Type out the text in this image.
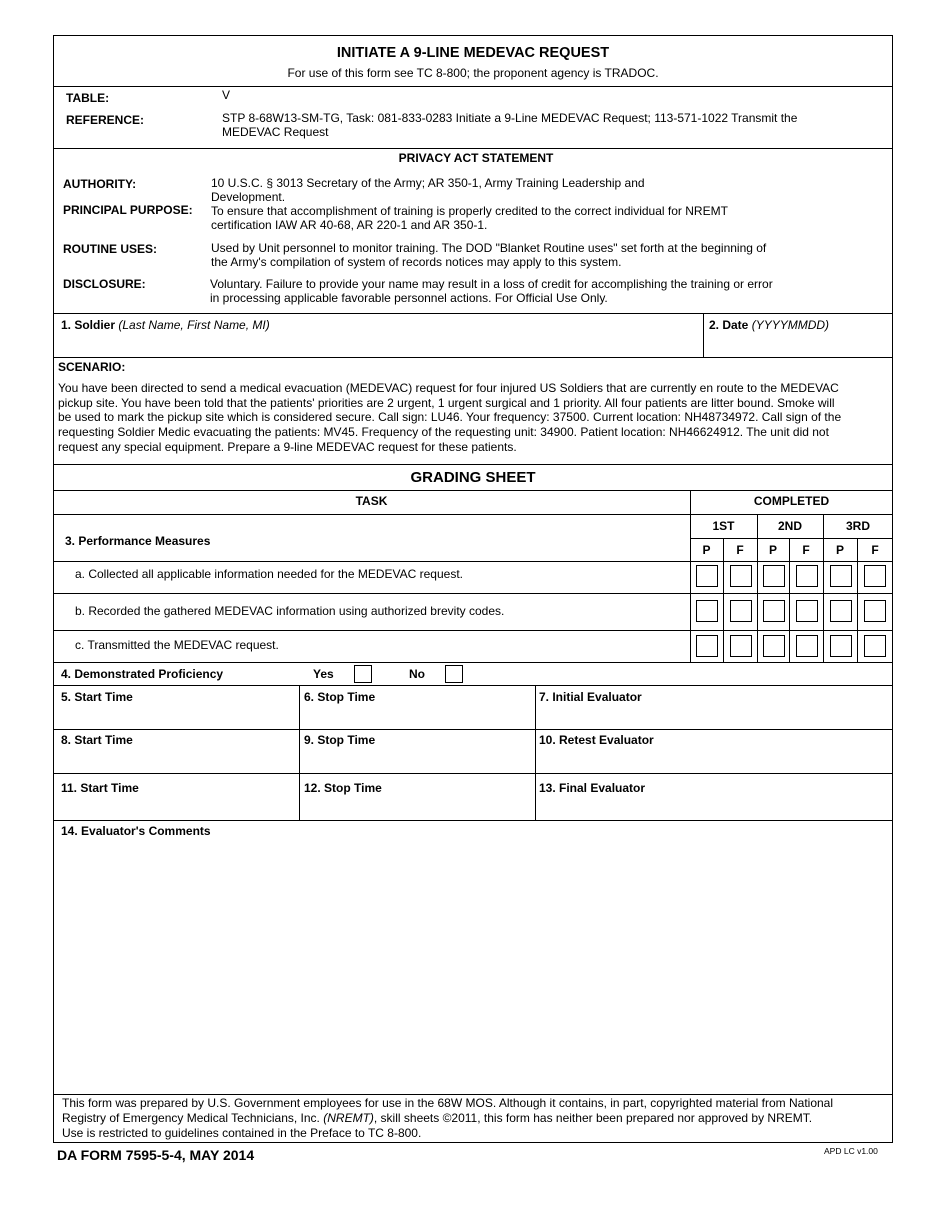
INITIATE A 9-LINE MEDEVAC REQUEST
For use of this form see TC 8-800; the proponent agency is TRADOC.
TABLE:	V
REFERENCE:	STP 8-68W13-SM-TG, Task: 081-833-0283 Initiate a 9-Line MEDEVAC Request; 113-571-1022 Transmit the
MEDEVAC Request
PRIVACY ACT STATEMENT
AUTHORITY:	10 U.S.C. § 3013 Secretary of the Army; AR 350-1, Army Training Leadership and
Development.
PRINCIPAL PURPOSE: To ensure that accomplishment of training is properly credited to the correct individual for NREMT
certification IAW AR 40-68, AR 220-1 and AR 350-1.
ROUTINE USES:	Used by Unit personnel to monitor training. The DOD "Blanket Routine uses" set forth at the beginning of
the Army's compilation of system of records notices may apply to this system.
DISCLOSURE:	Voluntary. Failure to provide your name may result in a loss of credit for accomplishing the training or error
in processing applicable favorable personnel actions. For Official Use Only.
1. Soldier (Last Name, First Name, MI)	2. Date (YYYYMMDD)
SCENARIO:
You have been directed to send a medical evacuation (MEDEVAC) request for four injured US Soldiers that are currently en route to the MEDEVAC
pickup site. You have been told that the patients' priorities are 2 urgent, 1 urgent surgical and 1 priority. All four patients are litter bound. Smoke will
be used to mark the pickup site which is considered secure. Call sign: LU46. Your frequency: 37500. Current location: NH48734972. Call sign of the
requesting Soldier Medic evacuating the patients: MV45. Frequency of the requesting unit: 34900. Patient location: NH46624912. The unit did not
request any special equipment. Prepare a 9-line MEDEVAC request for these patients.
GRADING SHEET
TASK	COMPLETED
1ST	2ND	3RD
P	F	P	F	P	F
3. Performance Measures
a. Collected all applicable information needed for the MEDEVAC request.
b. Recorded the gathered MEDEVAC information using authorized brevity codes.
c. Transmitted the MEDEVAC request.
4. Demonstrated Proficiency	Yes	No
5. Start Time	6. Stop Time	7. Initial Evaluator
8. Start Time	9. Stop Time	10. Retest Evaluator
11. Start Time	12. Stop Time	13. Final Evaluator
14. Evaluator's Comments
This form was prepared by U.S. Government employees for use in the 68W MOS. Although it contains, in part, copyrighted material from National
Registry of Emergency Medical Technicians, Inc. (NREMT), skill sheets ©2011, this form has neither been prepared nor approved by NREMT.
Use is restricted to guidelines contained in the Preface to TC 8-800.
DA FORM 7595-5-4, MAY 2014	APD LC v1.00
